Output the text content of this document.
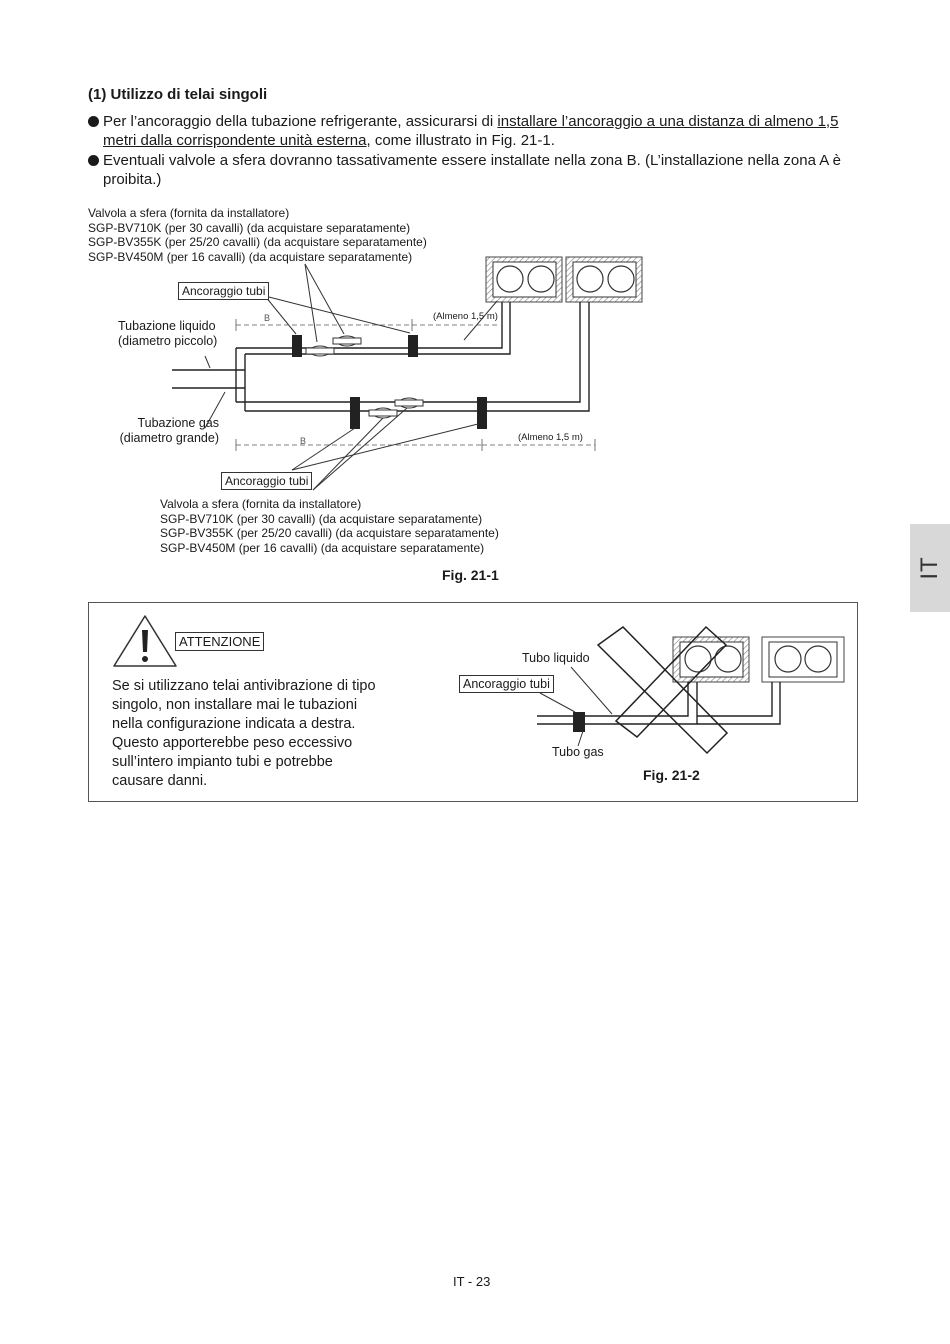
(1) Utilizzo di telai singoli
Per l’ancoraggio della tubazione refrigerante, assicurarsi di installare l’ancoraggio a una distanza di almeno 1,5 metri dalla corrispondente unità esterna, come illustrato in Fig. 21-1.
Eventuali valvole a sfera dovranno tassativamente essere installate nella zona B. (L’installazione nella zona A è proibita.)
Valvola a sfera (fornita da installatore)
SGP-BV710K (per 30 cavalli) (da acquistare separatamente)
SGP-BV355K (per 25/20 cavalli) (da acquistare separatamente)
SGP-BV450M (per 16 cavalli) (da acquistare separatamente)
Ancoraggio tubi
Tubazione liquido
(diametro piccolo)
Tubazione gas
(diametro grande)
B
B
(Almeno 1,5 m)
(Almeno 1,5 m)
Ancoraggio tubi
Valvola a sfera (fornita da installatore)
SGP-BV710K (per 30 cavalli) (da acquistare separatamente)
SGP-BV355K (per 25/20 cavalli) (da acquistare separatamente)
SGP-BV450M (per 16 cavalli) (da acquistare separatamente)
Fig. 21-1	IT
ATTENZIONE
Se si utilizzano telai antivibrazione di tipo
singolo, non installare mai le tubazioni
nella configurazione indicata a destra.
Questo apporterebbe peso eccessivo
sull’intero impianto tubi e potrebbe
causare danni.
Tubo liquido
Ancoraggio tubi
Tubo gas
Fig. 21-2
IT - 23
